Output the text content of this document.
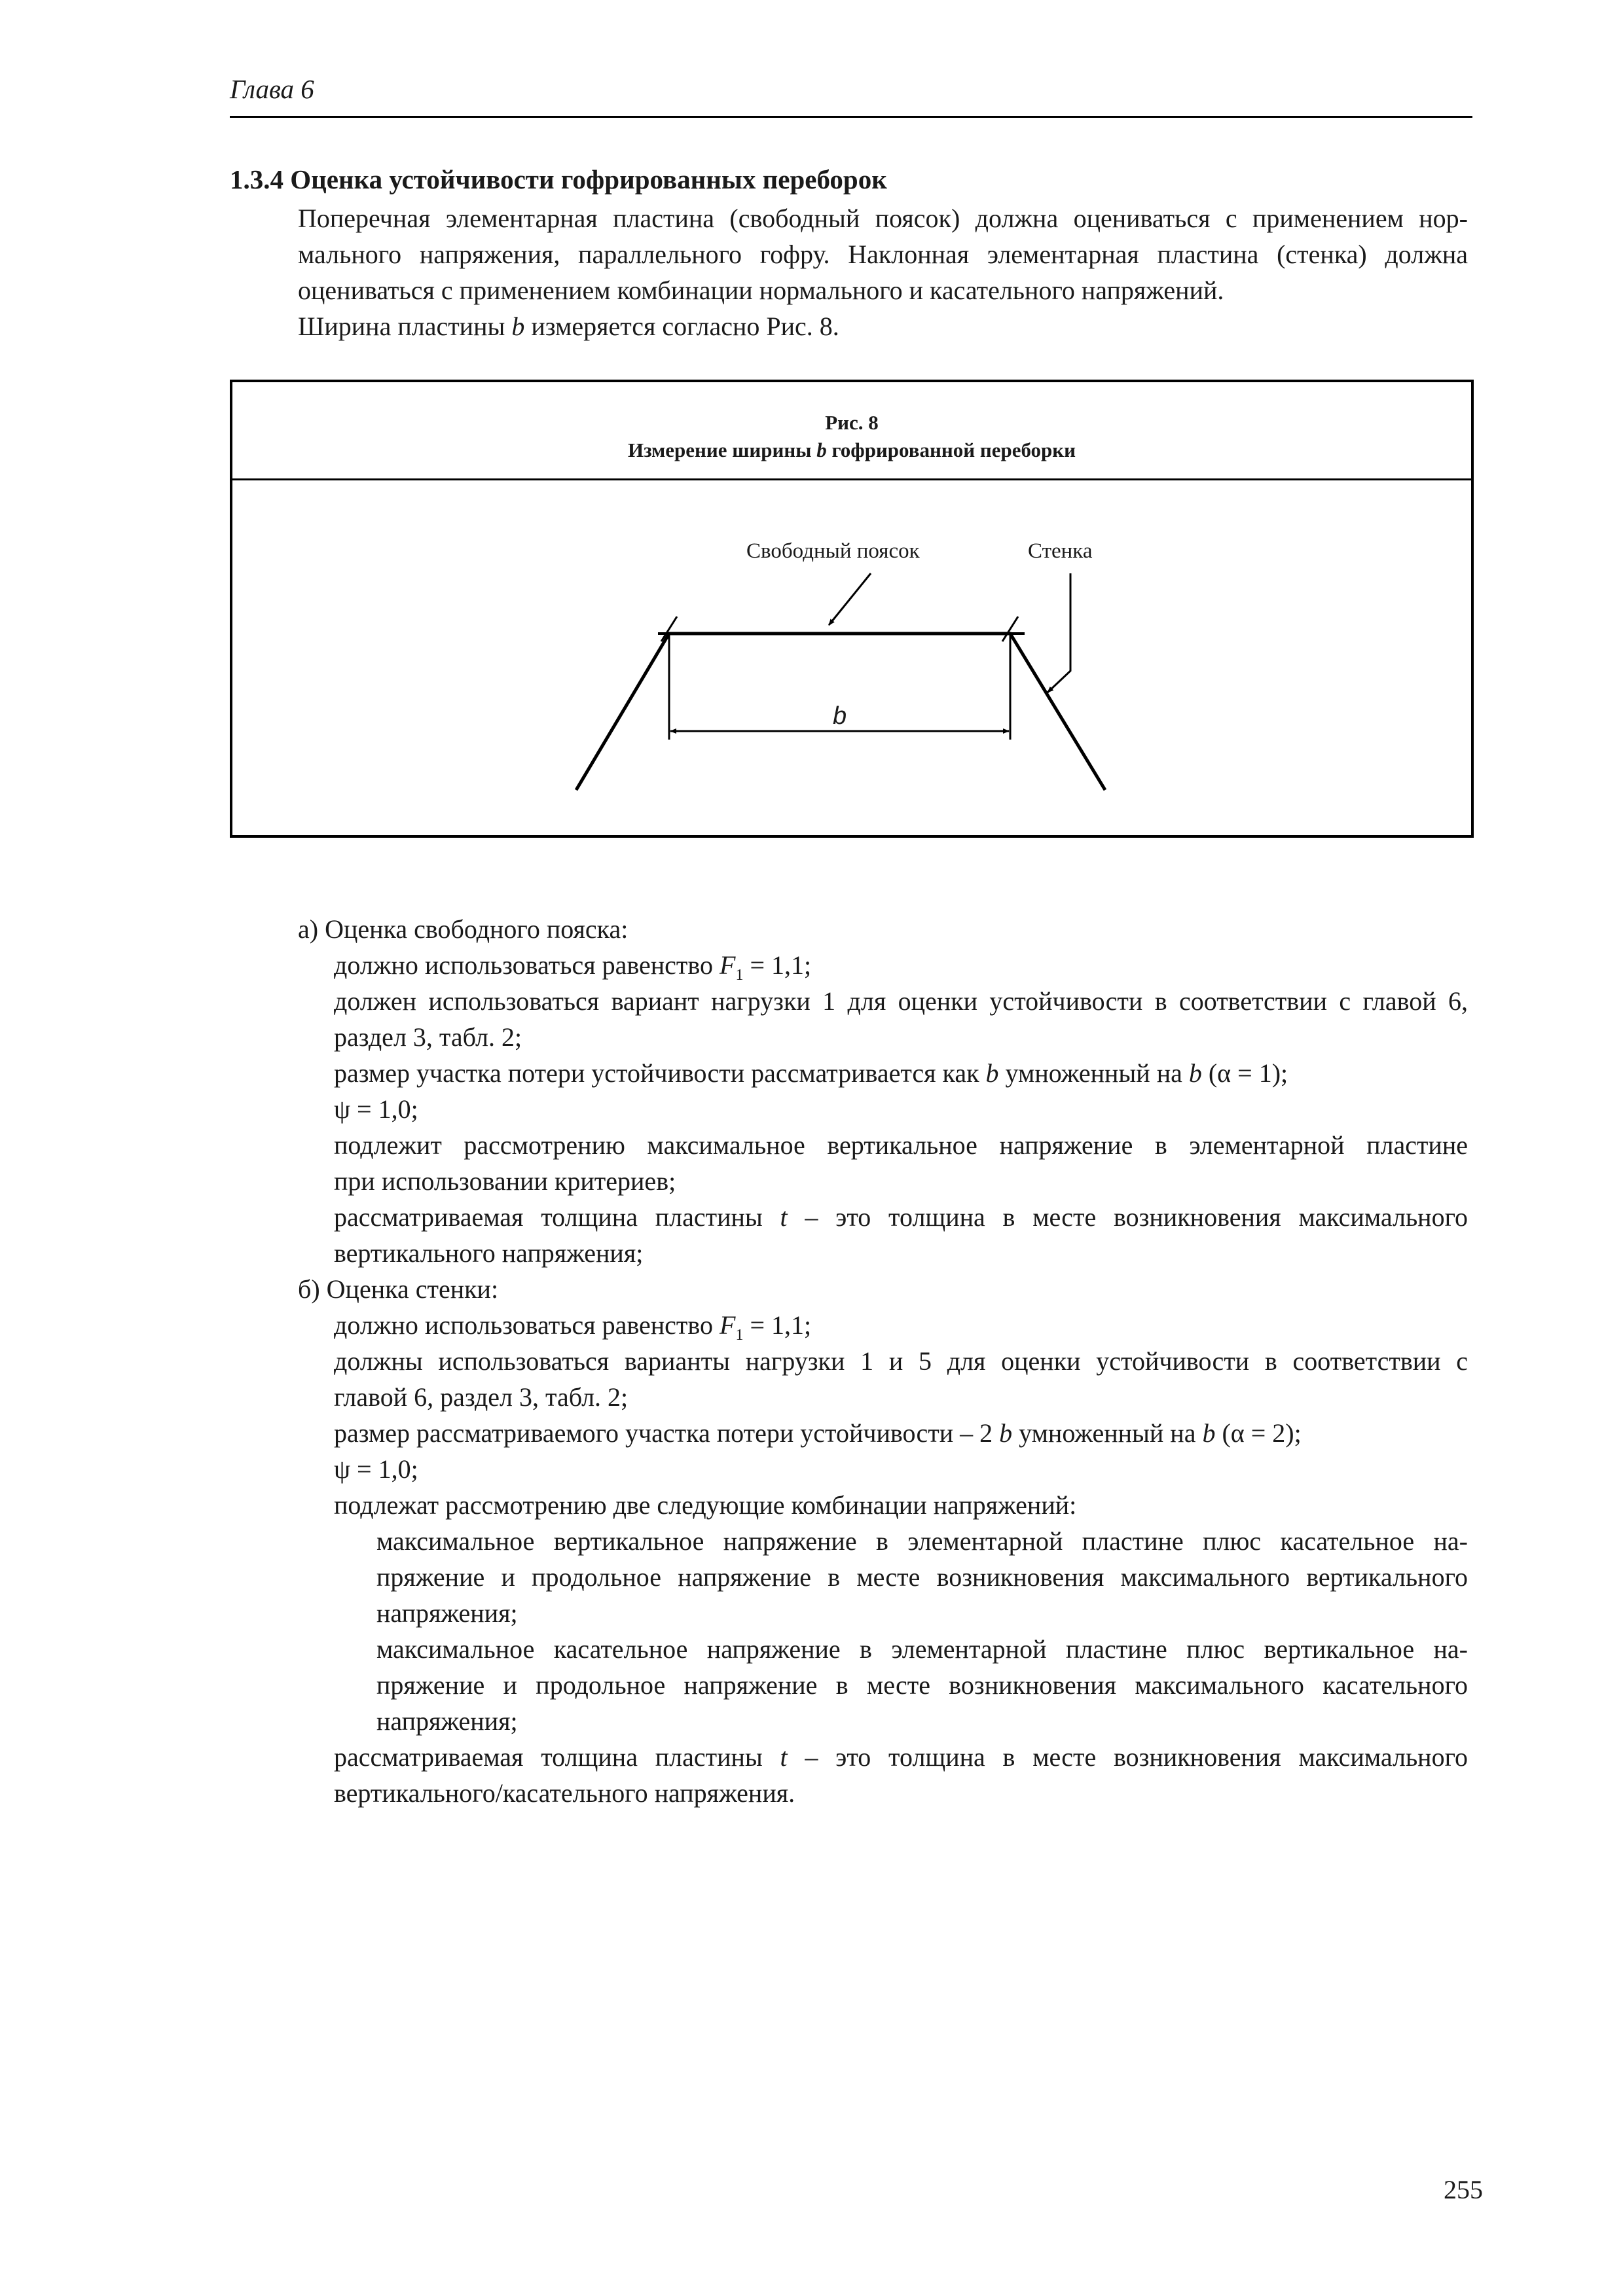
Глава 6
1.3.4 Оценка устойчивости гофрированных переборок
Поперечная элементарная пластина (свободный поясок) должна оцениваться с применением нор-
мального напряжения, параллельного гофру. Наклонная элементарная пластина (стенка) должна
оцениваться с применением комбинации нормального и касательного напряжений.
Ширина пластины b измеряется согласно Рис. 8.
Рис. 8
Измерение ширины b гофрированной переборки
Свободный поясок	Стенка
b
а) Оценка свободного пояска:
должно использоваться равенство $F_1 = 1,1$;
должен использоваться вариант нагрузки 1 для оценки устойчивости в соответствии с главой 6,
раздел 3, табл. 2;
размер участка потери устойчивости рассматривается как b умноженный на b (α = 1);
ψ = 1,0;
подлежит рассмотрению максимальное вертикальное напряжение в элементарной пластине
при использовании критериев;
рассматриваемая толщина пластины t – это толщина в месте возникновения максимального
вертикального напряжения;
б) Оценка стенки:
должно использоваться равенство $F_1 = 1,1$;
должны использоваться варианты нагрузки 1 и 5 для оценки устойчивости в соответствии с
главой 6, раздел 3, табл. 2;
размер рассматриваемого участка потери устойчивости – 2 b умноженный на b (α = 2);
ψ = 1,0;
подлежат рассмотрению две следующие комбинации напряжений:
максимальное вертикальное напряжение в элементарной пластине плюс касательное на-
пряжение и продольное напряжение в месте возникновения максимального вертикального
напряжения;
максимальное касательное напряжение в элементарной пластине плюс вертикальное на-
пряжение и продольное напряжение в месте возникновения максимального касательного
напряжения;
рассматриваемая толщина пластины t – это толщина в месте возникновения максимального
вертикального/касательного напряжения.
255
